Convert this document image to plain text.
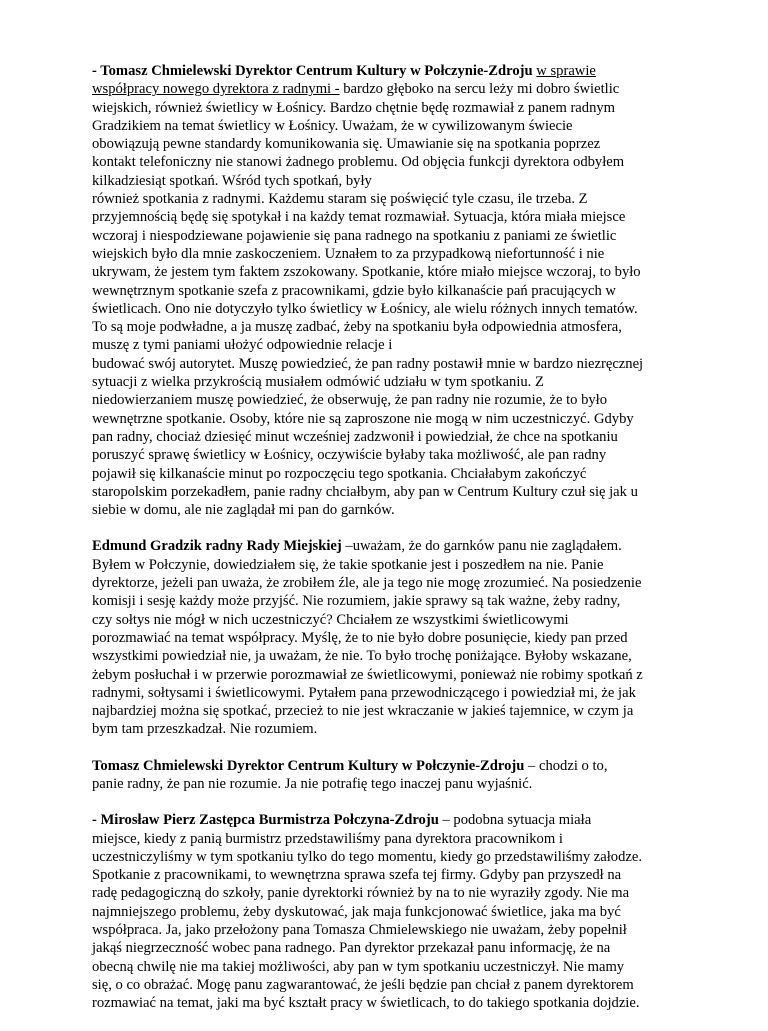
- Tomasz Chmielewski Dyrektor Centrum Kultury w Połczynie-Zdroju w sprawie
współpracy nowego dyrektora z radnymi - bardzo głęboko na sercu leży mi dobro świetlic
wiejskich, również świetlicy w Łośnicy. Bardzo chętnie będę rozmawiał z panem radnym
Gradzikiem na temat świetlicy w Łośnicy. Uważam, że w cywilizowanym świecie
obowiązują pewne standardy komunikowania się. Umawianie się na spotkania poprzez
kontakt telefoniczny nie stanowi żadnego problemu. Od objęcia funkcji dyrektora odbyłem
kilkadziesiąt spotkań. Wśród tych spotkań, były
również spotkania z radnymi. Każdemu staram się poświęcić tyle czasu, ile trzeba. Z
przyjemnością będę się spotykał i na każdy temat rozmawiał. Sytuacja, która miała miejsce
wczoraj i niespodziewane pojawienie się pana radnego na spotkaniu z paniami ze świetlic
wiejskich było dla mnie zaskoczeniem. Uznałem to za przypadkową niefortunność i nie
ukrywam, że jestem tym faktem zszokowany. Spotkanie, które miało miejsce wczoraj, to było
wewnętrznym spotkanie szefa z pracownikami, gdzie było kilkanaście pań pracujących w
świetlicach. Ono nie dotyczyło tylko świetlicy w Łośnicy, ale wielu różnych innych tematów.
To są moje podwładne, a ja muszę zadbać, żeby na spotkaniu była odpowiednia atmosfera,
muszę z tymi paniami ułożyć odpowiednie relacje i
budować swój autorytet. Muszę powiedzieć, że pan radny postawił mnie w bardzo niezręcznej
sytuacji z wielka przykrością musiałem odmówić udziału w tym spotkaniu. Z
niedowierzaniem muszę powiedzieć, że obserwuję, że pan radny nie rozumie, że to było
wewnętrzne spotkanie. Osoby, które nie są zaproszone nie mogą w nim uczestniczyć. Gdyby
pan radny, chociaż dziesięć minut wcześniej zadzwonił i powiedział, że chce na spotkaniu
poruszyć sprawę świetlicy w Łośnicy, oczywiście byłaby taka możliwość, ale pan radny
pojawił się kilkanaście minut po rozpoczęciu tego spotkania. Chciałabym zakończyć
staropolskim porzekadłem, panie radny chciałbym, aby pan w Centrum Kultury czuł się jak u
siebie w domu, ale nie zaglądał mi pan do garnków.

Edmund Gradzik radny Rady Miejskiej –uważam, że do garnków panu nie zaglądałem.
Byłem w Połczynie, dowiedziałem się, że takie spotkanie jest i poszedłem na nie. Panie
dyrektorze, jeżeli pan uważa, że zrobiłem źle, ale ja tego nie mogę zrozumieć. Na posiedzenie
komisji i sesję każdy może przyjść. Nie rozumiem, jakie sprawy są tak ważne, żeby radny,
czy sołtys nie mógł w nich uczestniczyć? Chciałem ze wszystkimi świetlicowymi
porozmawiać na temat współpracy. Myślę, że to nie było dobre posunięcie, kiedy pan przed
wszystkimi powiedział nie, ja uważam, że nie. To było trochę poniżające. Byłoby wskazane,
żebym posłuchał i w przerwie porozmawiał ze świetlicowymi, ponieważ nie robimy spotkań z
radnymi, sołtysami i świetlicowymi. Pytałem pana przewodniczącego i powiedział mi, że jak
najbardziej można się spotkać, przecież to nie jest wkraczanie w jakieś tajemnice, w czym ja
bym tam przeszkadzał. Nie rozumiem.

Tomasz Chmielewski Dyrektor Centrum Kultury w Połczynie-Zdroju – chodzi o to,
panie radny, że pan nie rozumie. Ja nie potrafię tego inaczej panu wyjaśnić.

- Mirosław Pierz Zastępca Burmistrza Połczyna-Zdroju – podobna sytuacja miała
miejsce, kiedy z panią burmistrz przedstawiliśmy pana dyrektora pracownikom i
uczestniczyliśmy w tym spotkaniu tylko do tego momentu, kiedy go przedstawiliśmy załodze.
Spotkanie z pracownikami, to wewnętrzna sprawa szefa tej firmy. Gdyby pan przyszedł na
radę pedagogiczną do szkoły, panie dyrektorki również by na to nie wyraziły zgody. Nie ma
najmniejszego problemu, żeby dyskutować, jak maja funkcjonować świetlice, jaka ma być
współpraca. Ja, jako przełożony pana Tomasza Chmielewskiego nie uważam, żeby popełnił
jakąś niegrzeczność wobec pana radnego. Pan dyrektor przekazał panu informację, że na
obecną chwilę nie ma takiej możliwości, aby pan w tym spotkaniu uczestniczył. Nie mamy
się, o co obrażać. Mogę panu zagwarantować, że jeśli będzie pan chciał z panem dyrektorem
rozmawiać na temat, jaki ma być kształt pracy w świetlicach, to do takiego spotkania dojdzie.
